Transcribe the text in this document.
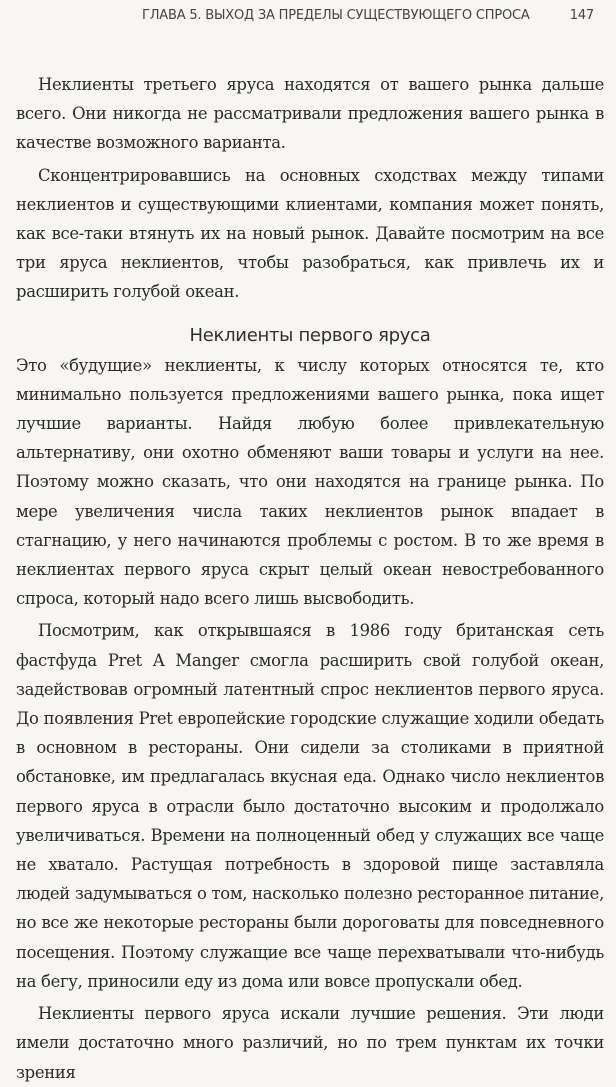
ГЛАВА 5. ВЫХОД ЗА ПРЕДЕЛЫ СУЩЕСТВУЮЩЕГО СПРОСА	147

Неклиенты третьего яруса находятся от вашего рынка дальше всего. Они никогда не рассматривали предложения вашего рынка в качестве возможного варианта.

Сконцентрировавшись на основных сходствах между типами неклиентов и существующими клиентами, компания может понять, как все-таки втянуть их на новый рынок. Давайте посмотрим на все три яруса неклиентов, чтобы разобраться, как привлечь их и расширить голубой океан.

Неклиенты первого яруса

Это «будущие» неклиенты, к числу которых относятся те, кто минимально пользуется предложениями вашего рынка, пока ищет лучшие варианты. Найдя любую более привлекательную альтернативу, они охотно обменяют ваши товары и услуги на нее. Поэтому можно сказать, что они находятся на границе рынка. По мере увеличения числа таких неклиентов рынок впадает в стагнацию, у него начинаются проблемы с ростом. В то же время в неклиентах первого яруса скрыт целый океан невостребованного спроса, который надо всего лишь высвободить.

Посмотрим, как открывшаяся в 1986 году британская сеть фастфуда Pret A Manger смогла расширить свой голубой океан, задействовав огромный латентный спрос неклиентов первого яруса. До появления Pret европейские городские служащие ходили обедать в основном в рестораны. Они сидели за столиками в приятной обстановке, им предлагалась вкусная еда. Однако число неклиентов первого яруса в отрасли было достаточно высоким и продолжало увеличиваться. Времени на полноценный обед у служащих все чаще не хватало. Растущая потребность в здоровой пище заставляла людей задумываться о том, насколько полезно ресторанное питание, но все же некоторые рестораны были дороговаты для повседневного посещения. Поэтому служащие все чаще перехватывали что-нибудь на бегу, приносили еду из дома или вовсе пропускали обед.

Неклиенты первого яруса искали лучшие решения. Эти люди имели достаточно много различий, но по трем пунктам их точки зрения
